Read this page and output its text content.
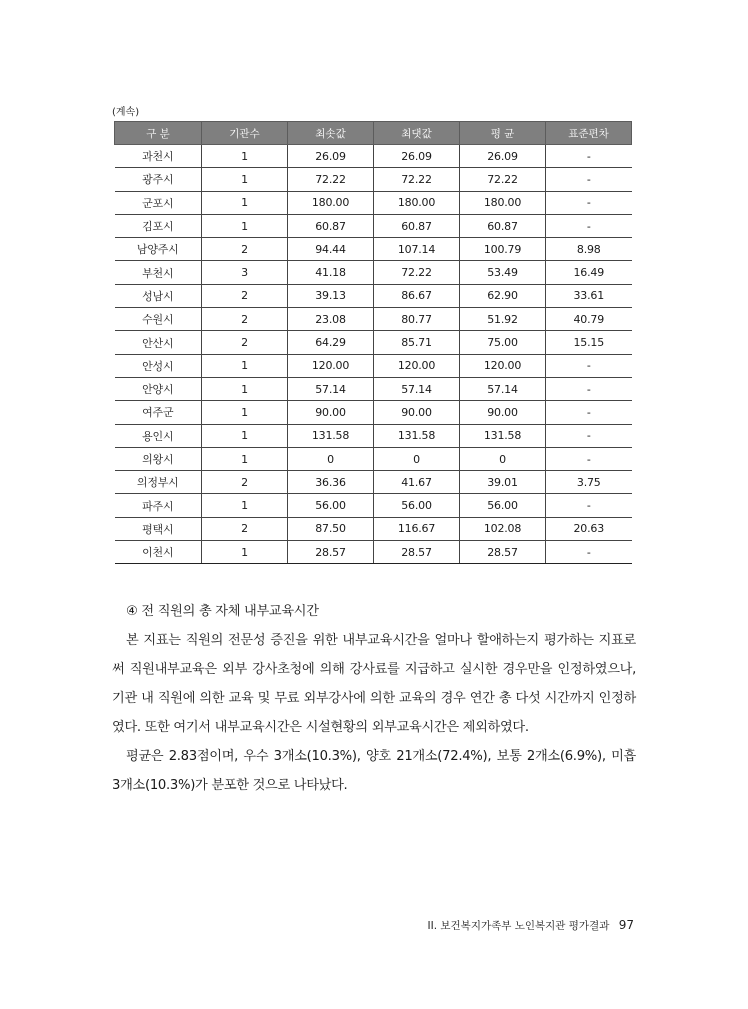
(계속)
구 분	기관수	최솟값	최댓값	평 균	표준편차
과천시	1	26.09	26.09	26.09	-
광주시	1	72.22	72.22	72.22	-
군포시	1	180.00	180.00	180.00	-
김포시	1	60.87	60.87	60.87	-
남양주시	2	94.44	107.14	100.79	8.98
부천시	3	41.18	72.22	53.49	16.49
성남시	2	39.13	86.67	62.90	33.61
수원시	2	23.08	80.77	51.92	40.79
안산시	2	64.29	85.71	75.00	15.15
안성시	1	120.00	120.00	120.00	-
안양시	1	57.14	57.14	57.14	-
여주군	1	90.00	90.00	90.00	-
용인시	1	131.58	131.58	131.58	-
의왕시	1	0	0	0	-
의정부시	2	36.36	41.67	39.01	3.75
파주시	1	56.00	56.00	56.00	-
평택시	2	87.50	116.67	102.08	20.63
이천시	1	28.57	28.57	28.57	-

④ 전 직원의 총 자체 내부교육시간

본 지표는 직원의 전문성 증진을 위한 내부교육시간을 얼마나 할애하는지 평가하는 지표로써 직원내부교육은 외부 강사초청에 의해 강사료를 지급하고 실시한 경우만을 인정하였으나, 기관 내 직원에 의한 교육 및 무료 외부강사에 의한 교육의 경우 연간 총 다섯 시간까지 인정하였다. 또한 여기서 내부교육시간은 시설현황의 외부교육시간은 제외하였다.

평균은 2.83점이며, 우수 3개소(10.3%), 양호 21개소(72.4%), 보통 2개소(6.9%), 미흡 3개소(10.3%)가 분포한 것으로 나타났다.

II. 보건복지가족부 노인복지관 평가결과 97
